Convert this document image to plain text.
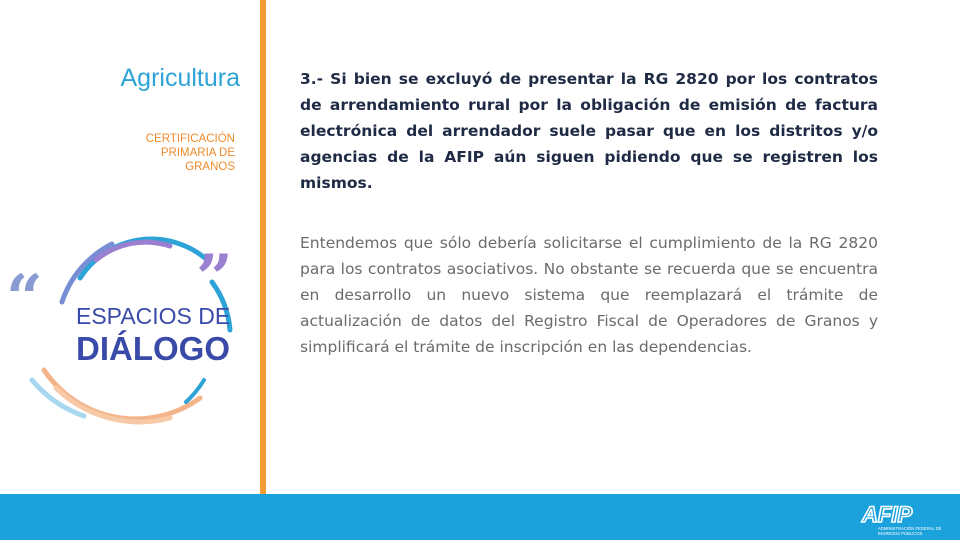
Agricultura
CERTIFICACIÓN PRIMARIA DE GRANOS
“ ”
ESPACIOS DE
DIÁLOGO

3.- Si bien se excluyó de presentar la RG 2820 por los contratos de arrendamiento rural por la obligación de emisión de factura electrónica del arrendador suele pasar que en los distritos y/o agencias de la AFIP aún siguen pidiendo que se registren los mismos.

Entendemos que sólo debería solicitarse el cumplimiento de la RG 2820 para los contratos asociativos. No obstante se recuerda que se encuentra en desarrollo un nuevo sistema que reemplazará el trámite de actualización de datos del Registro Fiscal de Operadores de Granos y simplificará el trámite de inscripción en las dependencias.

AFIP
ADMINISTRACIÓN FEDERAL DE
INGRESOS PÚBLICOS
